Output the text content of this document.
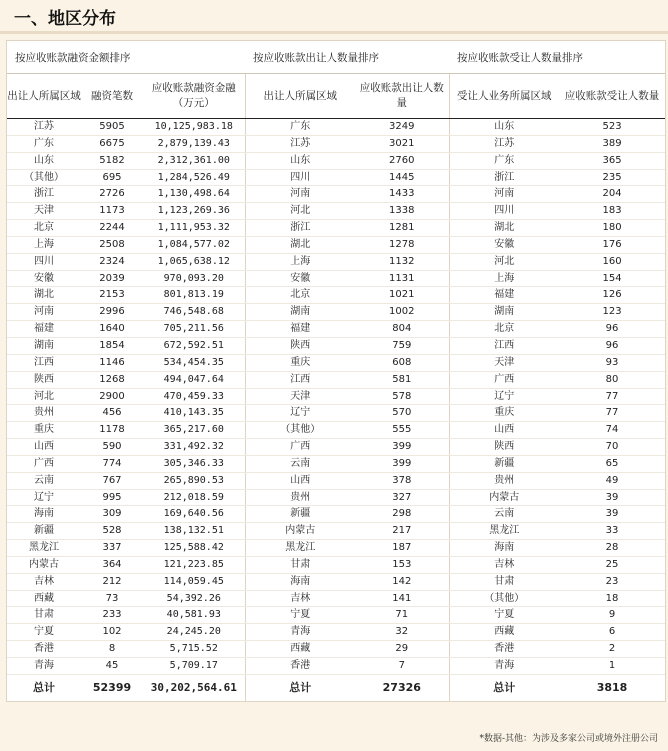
一、地区分布
按应收账款融资金额排序			按应收账款出让人数量排序		按应收账款受让人数量排序	
出让人所属区域	融资笔数	应收账款融资金融（万元）	出让人所属区域	应收账款出让人数量	受让人业务所属区域	应收账款受让人数量
江苏	5905	10,125,983.18	广东	3249	山东	523
广东	6675	2,879,139.43	江苏	3021	江苏	389
山东	5182	2,312,361.00	山东	2760	广东	365
（其他）	695	1,284,526.49	四川	1445	浙江	235
浙江	2726	1,130,498.64	河南	1433	河南	204
天津	1173	1,123,269.36	河北	1338	四川	183
北京	2244	1,111,953.32	浙江	1281	湖北	180
上海	2508	1,084,577.02	湖北	1278	安徽	176
四川	2324	1,065,638.12	上海	1132	河北	160
安徽	2039	970,093.20	安徽	1131	上海	154
湖北	2153	801,813.19	北京	1021	福建	126
河南	2996	746,548.68	湖南	1002	湖南	123
福建	1640	705,211.56	福建	804	北京	96
湖南	1854	672,592.51	陕西	759	江西	96
江西	1146	534,454.35	重庆	608	天津	93
陕西	1268	494,047.64	江西	581	广西	80
河北	2900	470,459.33	天津	578	辽宁	77
贵州	456	410,143.35	辽宁	570	重庆	77
重庆	1178	365,217.60	（其他）	555	山西	74
山西	590	331,492.32	广西	399	陕西	70
广西	774	305,346.33	云南	399	新疆	65
云南	767	265,890.53	山西	378	贵州	49
辽宁	995	212,018.59	贵州	327	内蒙古	39
海南	309	169,640.56	新疆	298	云南	39
新疆	528	138,132.51	内蒙古	217	黑龙江	33
黑龙江	337	125,588.42	黑龙江	187	海南	28
内蒙古	364	121,223.85	甘肃	153	吉林	25
吉林	212	114,059.45	海南	142	甘肃	23
西藏	73	54,392.26	吉林	141	（其他）	18
甘肃	233	40,581.93	宁夏	71	宁夏	9
宁夏	102	24,245.20	青海	32	西藏	6
香港	8	5,715.52	西藏	29	香港	2
青海	45	5,709.17	香港	7	青海	1
总计	52399	30,202,564.61	总计	27326	总计	3818
*数据-其他：为涉及多家公司或境外注册公司
